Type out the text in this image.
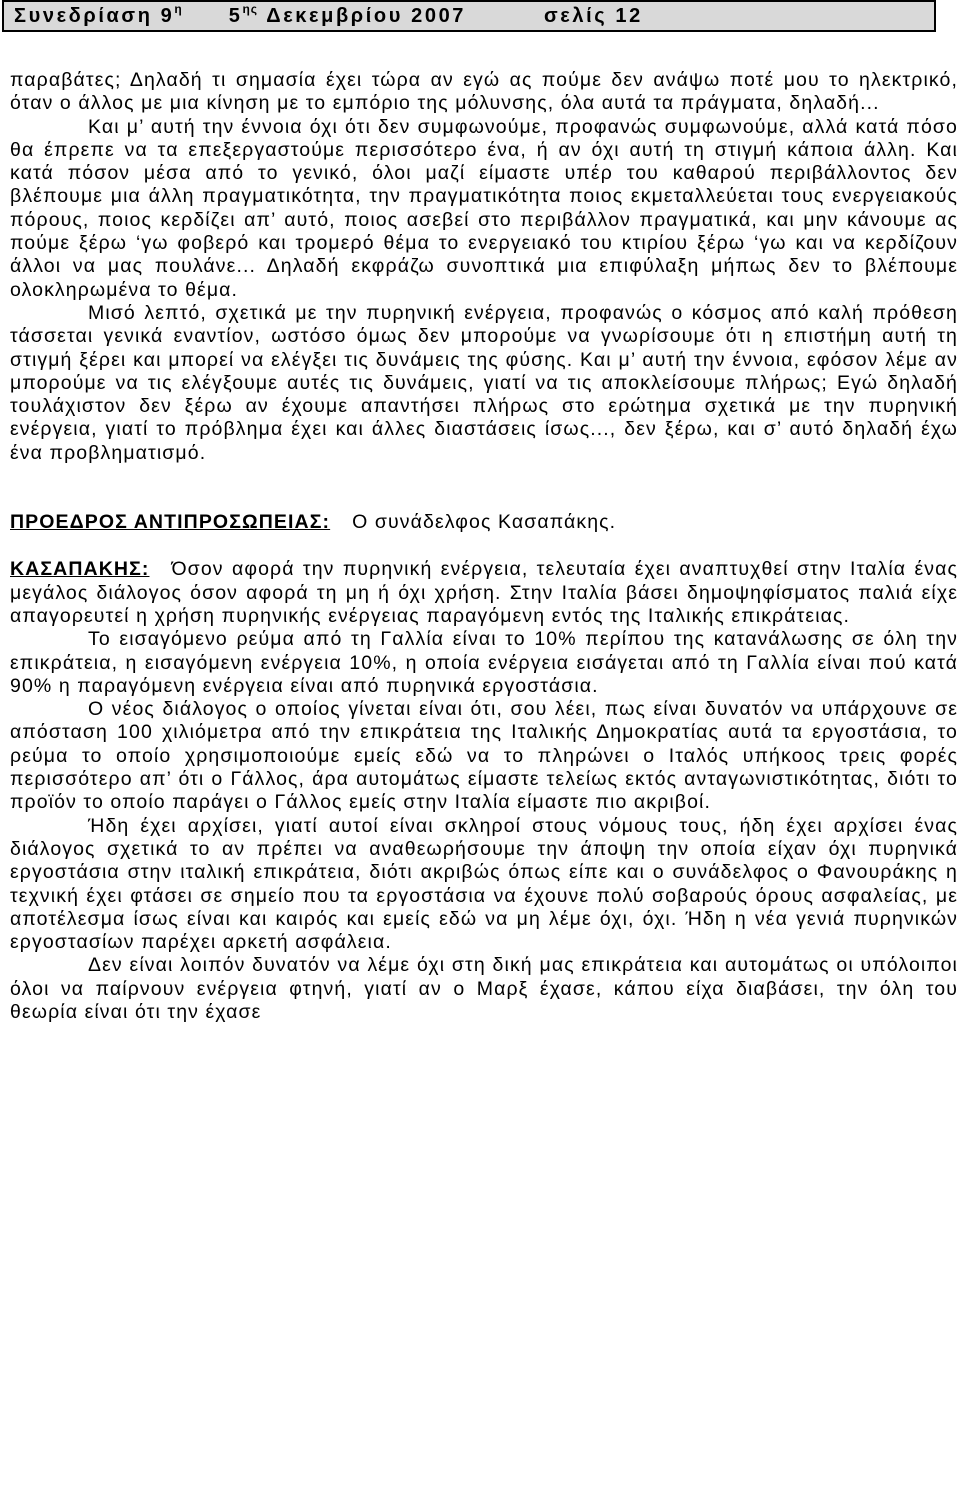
Συνεδρίαση $9^\eta$ $5^{\eta\varsigma}$ Δεκεμβρίου 2007	σελίς 12

παραβάτες; Δηλαδή τι σημασία έχει τώρα αν εγώ ας πούμε δεν ανάψω ποτέ μου το ηλεκτρικό, όταν ο άλλος με μια κίνηση με το εμπόριο της μόλυνσης, όλα αυτά τα πράγματα, δηλαδή...

Και μ’ αυτή την έννοια όχι ότι δεν συμφωνούμε, προφανώς συμφωνούμε, αλλά κατά πόσο θα έπρεπε να τα επεξεργαστούμε περισσότερο ένα, ή αν όχι αυτή τη στιγμή κάποια άλλη. Και κατά πόσον μέσα από το γενικό, όλοι μαζί είμαστε υπέρ του καθαρού περιβάλλοντος δεν βλέπουμε μια άλλη πραγματικότητα, την πραγματικότητα ποιος εκμεταλλεύεται τους ενεργειακούς πόρους, ποιος κερδίζει απ’ αυτό, ποιος ασεβεί στο περιβάλλον πραγματικά, και μην κάνουμε ας πούμε ξέρω ‘γω φοβερό και τρομερό θέμα το ενεργειακό του κτιρίου ξέρω ‘γω και να κερδίζουν άλλοι να μας πουλάνε... Δηλαδή εκφράζω συνοπτικά μια επιφύλαξη μήπως δεν το βλέπουμε ολοκληρωμένα το θέμα.

Μισό λεπτό, σχετικά με την πυρηνική ενέργεια, προφανώς ο κόσμος από καλή πρόθεση τάσσεται γενικά εναντίον, ωστόσο όμως δεν μπορούμε να γνωρίσουμε ότι η επιστήμη αυτή τη στιγμή ξέρει και μπορεί να ελέγξει τις δυνάμεις της φύσης. Και μ’ αυτή την έννοια, εφόσον λέμε αν μπορούμε να τις ελέγξουμε αυτές τις δυνάμεις, γιατί να τις αποκλείσουμε πλήρως; Εγώ δηλαδή τουλάχιστον δεν ξέρω αν έχουμε απαντήσει πλήρως στο ερώτημα σχετικά με την πυρηνική ενέργεια, γιατί το πρόβλημα έχει και άλλες διαστάσεις ίσως..., δεν ξέρω, και σ’ αυτό δηλαδή έχω ένα προβληματισμό.

ΠΡΟΕΔΡΟΣ ΑΝΤΙΠΡΟΣΩΠΕΙΑΣ: Ο συνάδελφος Κασαπάκης.

ΚΑΣΑΠΑΚΗΣ: Όσον αφορά την πυρηνική ενέργεια, τελευταία έχει αναπτυχθεί στην Ιταλία ένας μεγάλος διάλογος όσον αφορά τη μη ή όχι χρήση. Στην Ιταλία βάσει δημοψηφίσματος παλιά είχε απαγορευτεί η χρήση πυρηνικής ενέργειας παραγόμενη εντός της Ιταλικής επικράτειας.

Το εισαγόμενο ρεύμα από τη Γαλλία είναι το 10% περίπου της κατανάλωσης σε όλη την επικράτεια, η εισαγόμενη ενέργεια 10%, η οποία ενέργεια εισάγεται από τη Γαλλία είναι πού κατά 90% η παραγόμενη ενέργεια είναι από πυρηνικά εργοστάσια.

Ο νέος διάλογος ο οποίος γίνεται είναι ότι, σου λέει, πως είναι δυνατόν να υπάρχουνε σε απόσταση 100 χιλιόμετρα από την επικράτεια της Ιταλικής Δημοκρατίας αυτά τα εργοστάσια, το ρεύμα το οποίο χρησιμοποιούμε εμείς εδώ να το πληρώνει ο Ιταλός υπήκοος τρεις φορές περισσότερο απ’ ότι ο Γάλλος, άρα αυτομάτως είμαστε τελείως εκτός ανταγωνιστικότητας, διότι το προϊόν το οποίο παράγει ο Γάλλος εμείς στην Ιταλία είμαστε πιο ακριβοί.

Ήδη έχει αρχίσει, γιατί αυτοί είναι σκληροί στους νόμους τους, ήδη έχει αρχίσει ένας διάλογος σχετικά το αν πρέπει να αναθεωρήσουμε την άποψη την οποία είχαν όχι πυρηνικά εργοστάσια στην ιταλική επικράτεια, διότι ακριβώς όπως είπε και ο συνάδελφος ο Φανουράκης η τεχνική έχει φτάσει σε σημείο που τα εργοστάσια να έχουνε πολύ σοβαρούς όρους ασφαλείας, με αποτέλεσμα ίσως είναι και καιρός και εμείς εδώ να μη λέμε όχι, όχι. Ήδη η νέα γενιά πυρηνικών εργοστασίων παρέχει αρκετή ασφάλεια.

Δεν είναι λοιπόν δυνατόν να λέμε όχι στη δική μας επικράτεια και αυτομάτως οι υπόλοιποι όλοι να παίρνουν ενέργεια φτηνή, γιατί αν ο Μαρξ έχασε, κάπου είχα διαβάσει, την όλη του θεωρία είναι ότι την έχασε
